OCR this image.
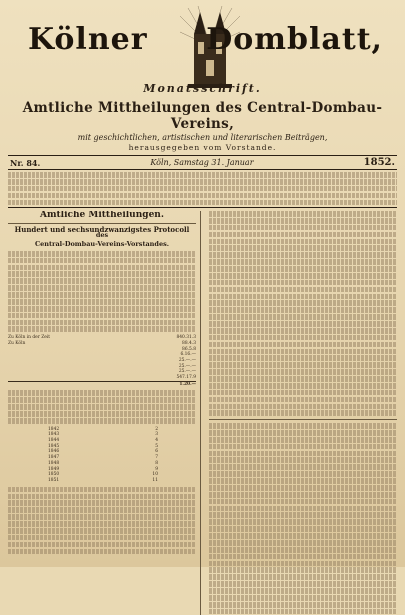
Kölner Domblatt,
Monatsschrift.
Amtliche Mittheilungen des Central-Dombau-Vereins,
mit geschichtlichen, artistischen und literarischen Beiträgen,
herausgegeben vom Vorstande.
Nr. 84.	Köln, Samstag 31. Januar	1852.
Amtliche Mittheilungen.
Hundert und sechsundzwanzigstes Protocoll
des
Central-Dombau-Vereins-Vorstandes.
Zu Köln in der Zeit	840.31.3
Zu Köln	88.4.3
86.5.8
6.16.—
25.—.—
25.—.—
25.—.—
547.17.9
1.20.—
1842	2
1843	3
1844	4
1845	5
1846	6
1847	7
1848	8
1849	9
1850	10
1851	11
